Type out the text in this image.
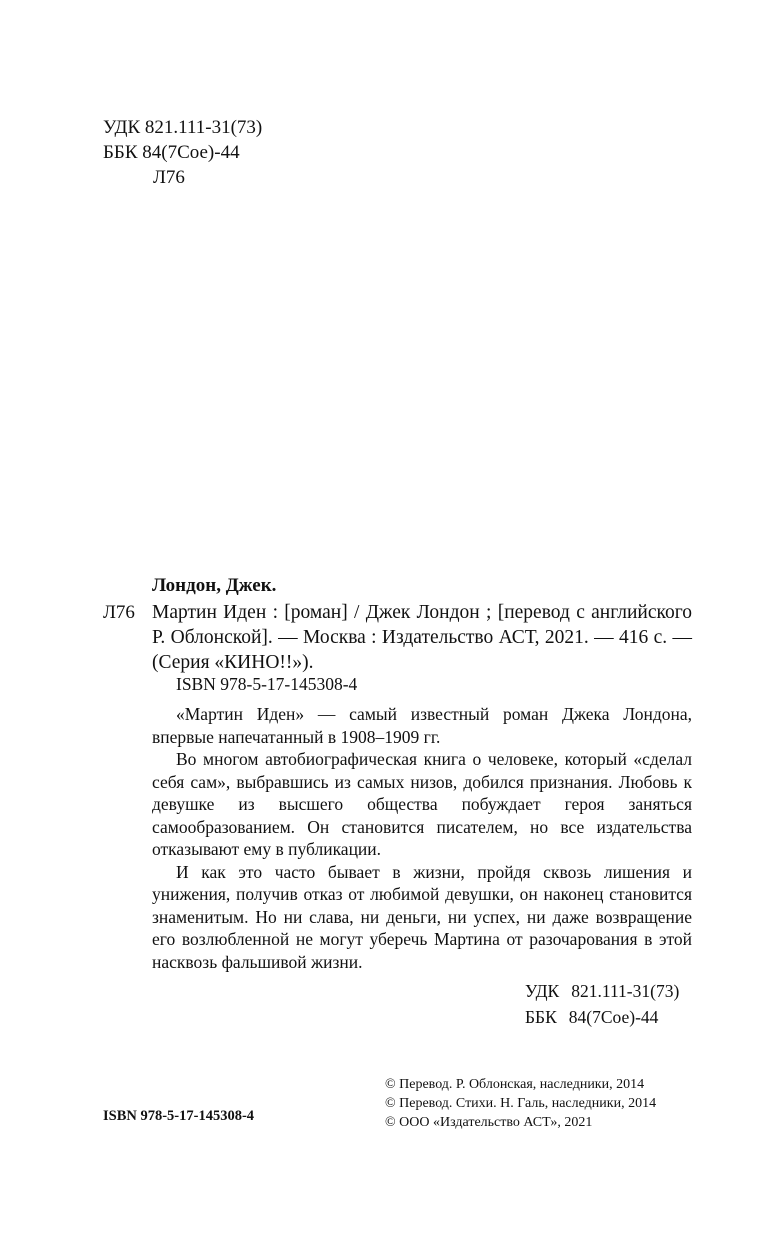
УДК 821.111-31(73)
ББК 84(7Сое)-44
Л76
Лондон, Джек.
Л76 Мартин Иден : [роман] / Джек Лондон ; [перевод с английского Р. Облонской]. — Москва : Издательство АСТ, 2021. — 416 с. — (Серия «КИНО!!»).
ISBN 978-5-17-145308-4

«Мартин Иден» — самый известный роман Джека Лондона, впервые напечатанный в 1908–1909 гг.

Во многом автобиографическая книга о человеке, который «сделал себя сам», выбравшись из самых низов, добился признания. Любовь к девушке из высшего общества побуждает героя заняться самообразованием. Он становится писателем, но все издательства отказывают ему в публикации.

И как это часто бывает в жизни, пройдя сквозь лишения и унижения, получив отказ от любимой девушки, он наконец становится знаменитым. Но ни слава, ни деньги, ни успех, ни даже возвращение его возлюбленной не могут уберечь Мартина от разочарования в этой насквозь фальшивой жизни.

УДК 821.111-31(73)
ББК 84(7Сое)-44
© Перевод. Р. Облонская, наследники, 2014
© Перевод. Стихи. Н. Галь, наследники, 2014
© ООО «Издательство АСТ», 2021
ISBN 978-5-17-145308-4
